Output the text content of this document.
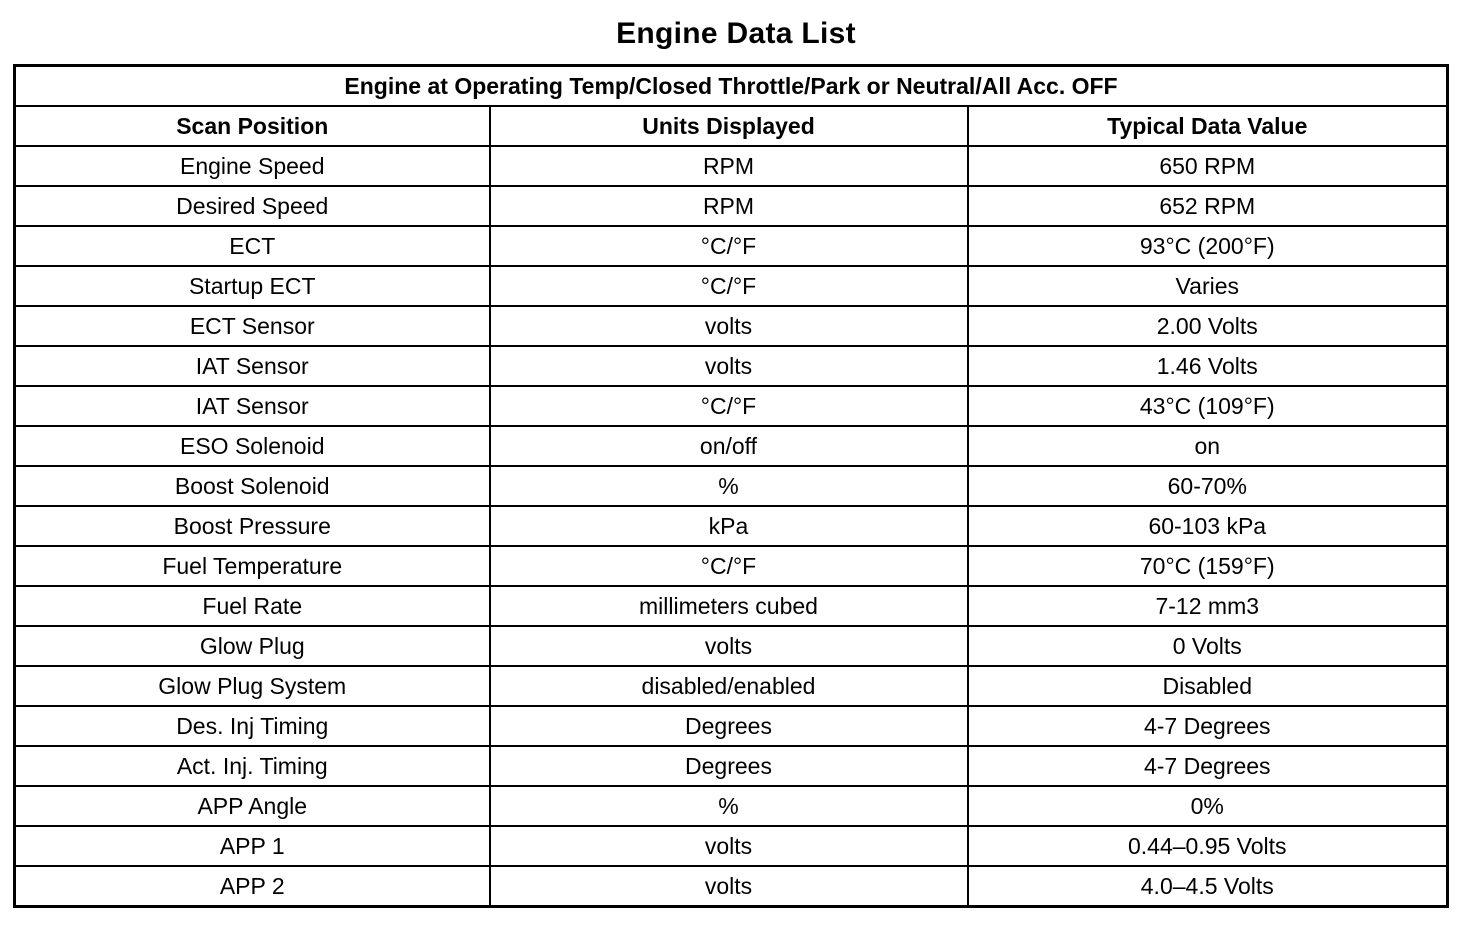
Engine Data List
Engine at Operating Temp/Closed Throttle/Park or Neutral/All Acc. OFF		
Scan Position	Units Displayed	Typical Data Value
Engine Speed	RPM	650 RPM
Desired Speed	RPM	652 RPM
ECT	°C/°F	93°C (200°F)
Startup ECT	°C/°F	Varies
ECT Sensor	volts	2.00 Volts
IAT Sensor	volts	1.46 Volts
IAT Sensor	°C/°F	43°C (109°F)
ESO Solenoid	on/off	on
Boost Solenoid	%	60-70%
Boost Pressure	kPa	60-103 kPa
Fuel Temperature	°C/°F	70°C (159°F)
Fuel Rate	millimeters cubed	7-12 mm3
Glow Plug	volts	0 Volts
Glow Plug System	disabled/enabled	Disabled
Des. Inj Timing	Degrees	4-7 Degrees
Act. Inj. Timing	Degrees	4-7 Degrees
APP Angle	%	0%
APP 1	volts	0.44–0.95 Volts
APP 2	volts	4.0–4.5 Volts
